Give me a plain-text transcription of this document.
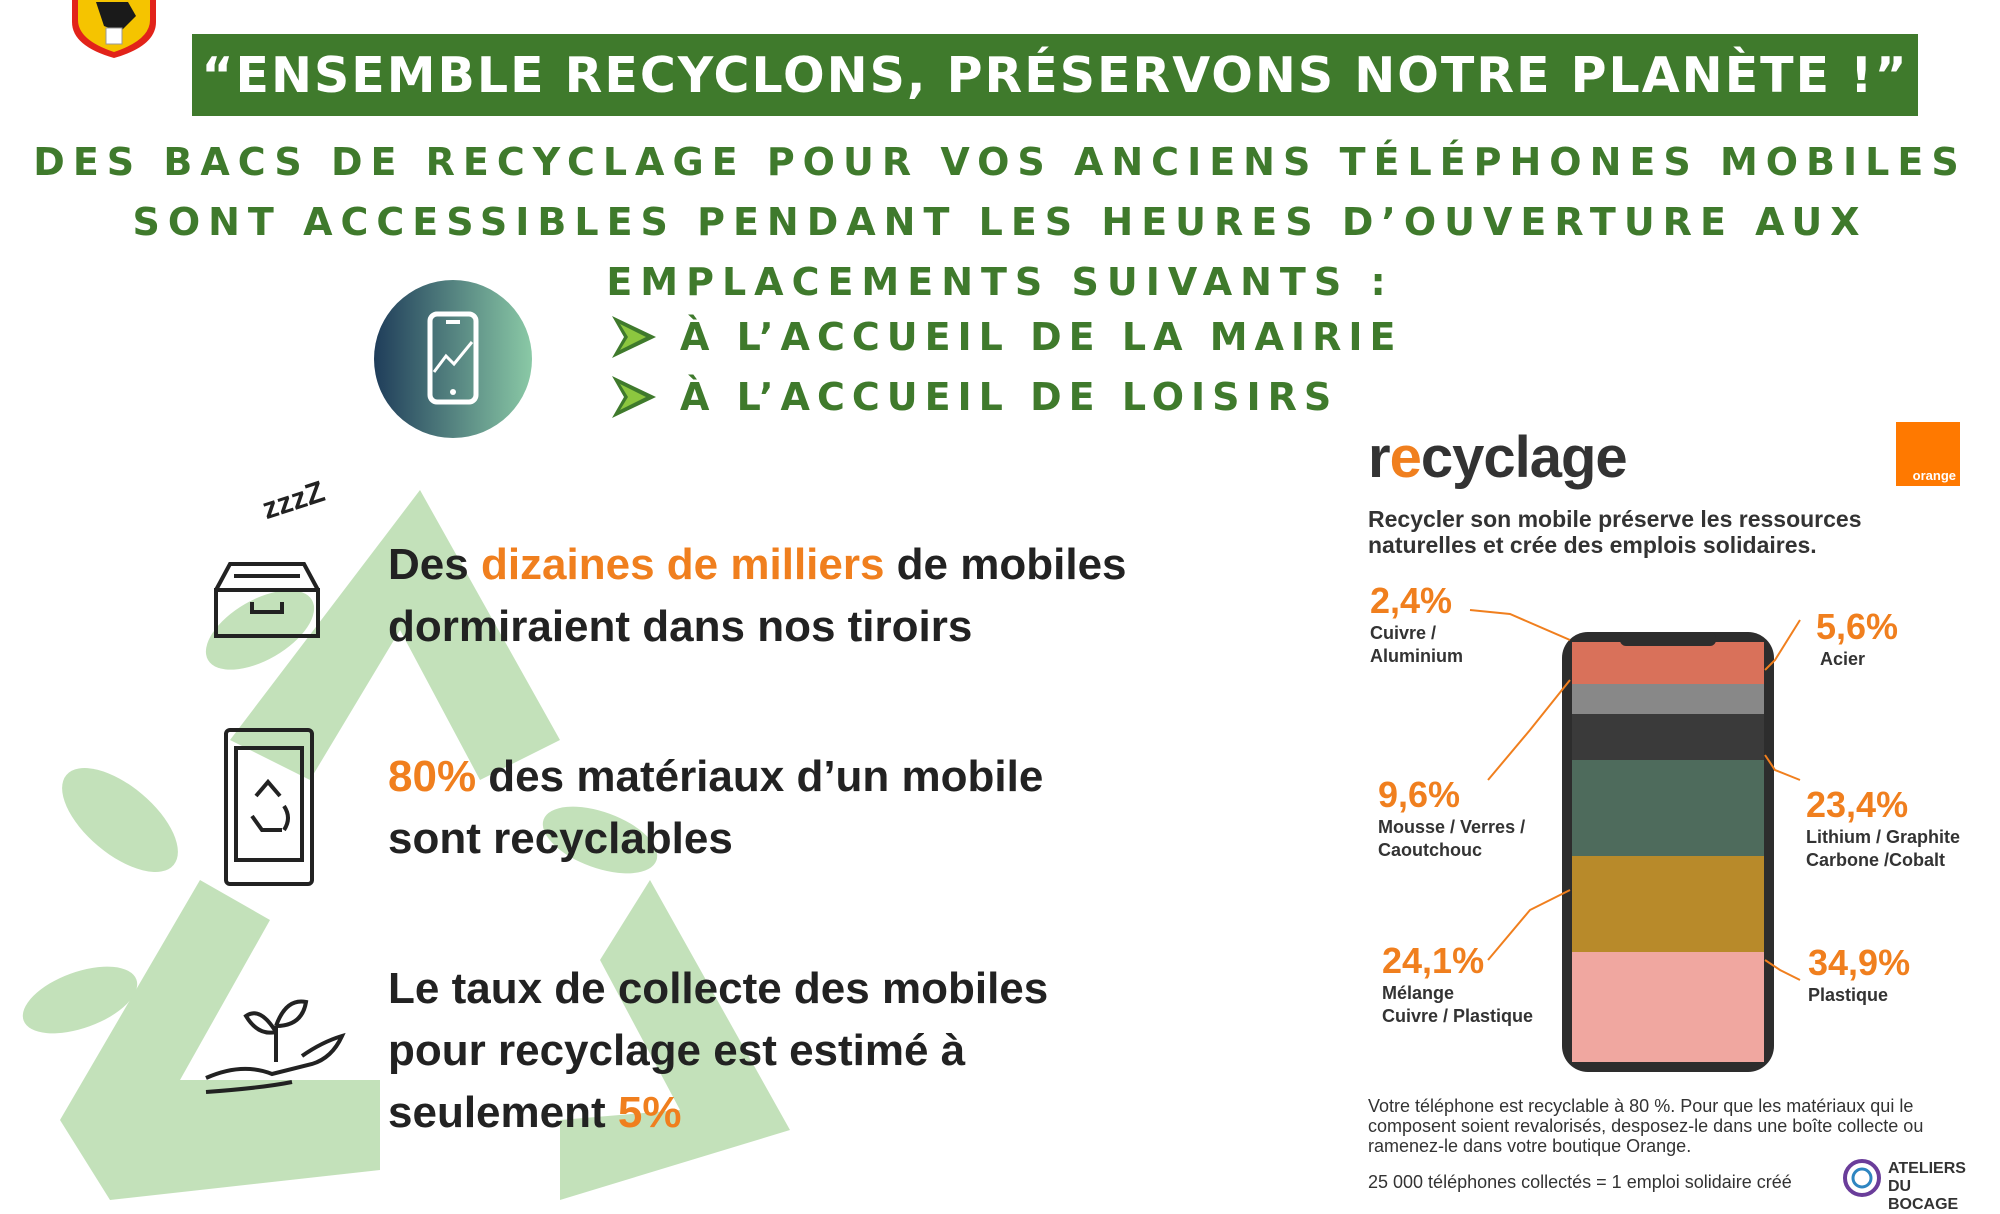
“ENSEMBLE RECYCLONS, PRÉSERVONS NOTRE PLANÈTE !”
DES BACS DE RECYCLAGE POUR VOS ANCIENS TÉLÉPHONES MOBILES
SONT ACCESSIBLES PENDANT LES HEURES D’OUVERTURE AUX
EMPLACEMENTS SUIVANTS :
À L’ACCUEIL DE LA MAIRIE
À L’ACCUEIL DE LOISIRS
zzzZ
Des dizaines de milliers de mobiles
dormiraient dans nos tiroirs
80% des matériaux d’un mobile
sont recyclables
Le taux de collecte des mobiles
pour recyclage est estimé à
seulement 5%
recyclage	orange
Recycler son mobile préserve les ressources naturelles et crée des emplois solidaires.
2,4%
Cuivre /
Aluminium
5,6%
Acier
9,6%
Mousse / Verres /
Caoutchouc
23,4%
Lithium / Graphite
Carbone /Cobalt
24,1%
Mélange
Cuivre / Plastique
34,9%
Plastique
Votre téléphone est recyclable à 80 %. Pour que les matériaux qui le composent soient revalorisés, desposez-le dans une boîte collecte ou ramenez-le dans votre boutique Orange.
25 000 téléphones collectés = 1 emploi solidaire créé
ATELIERS
DU BOCAGE
